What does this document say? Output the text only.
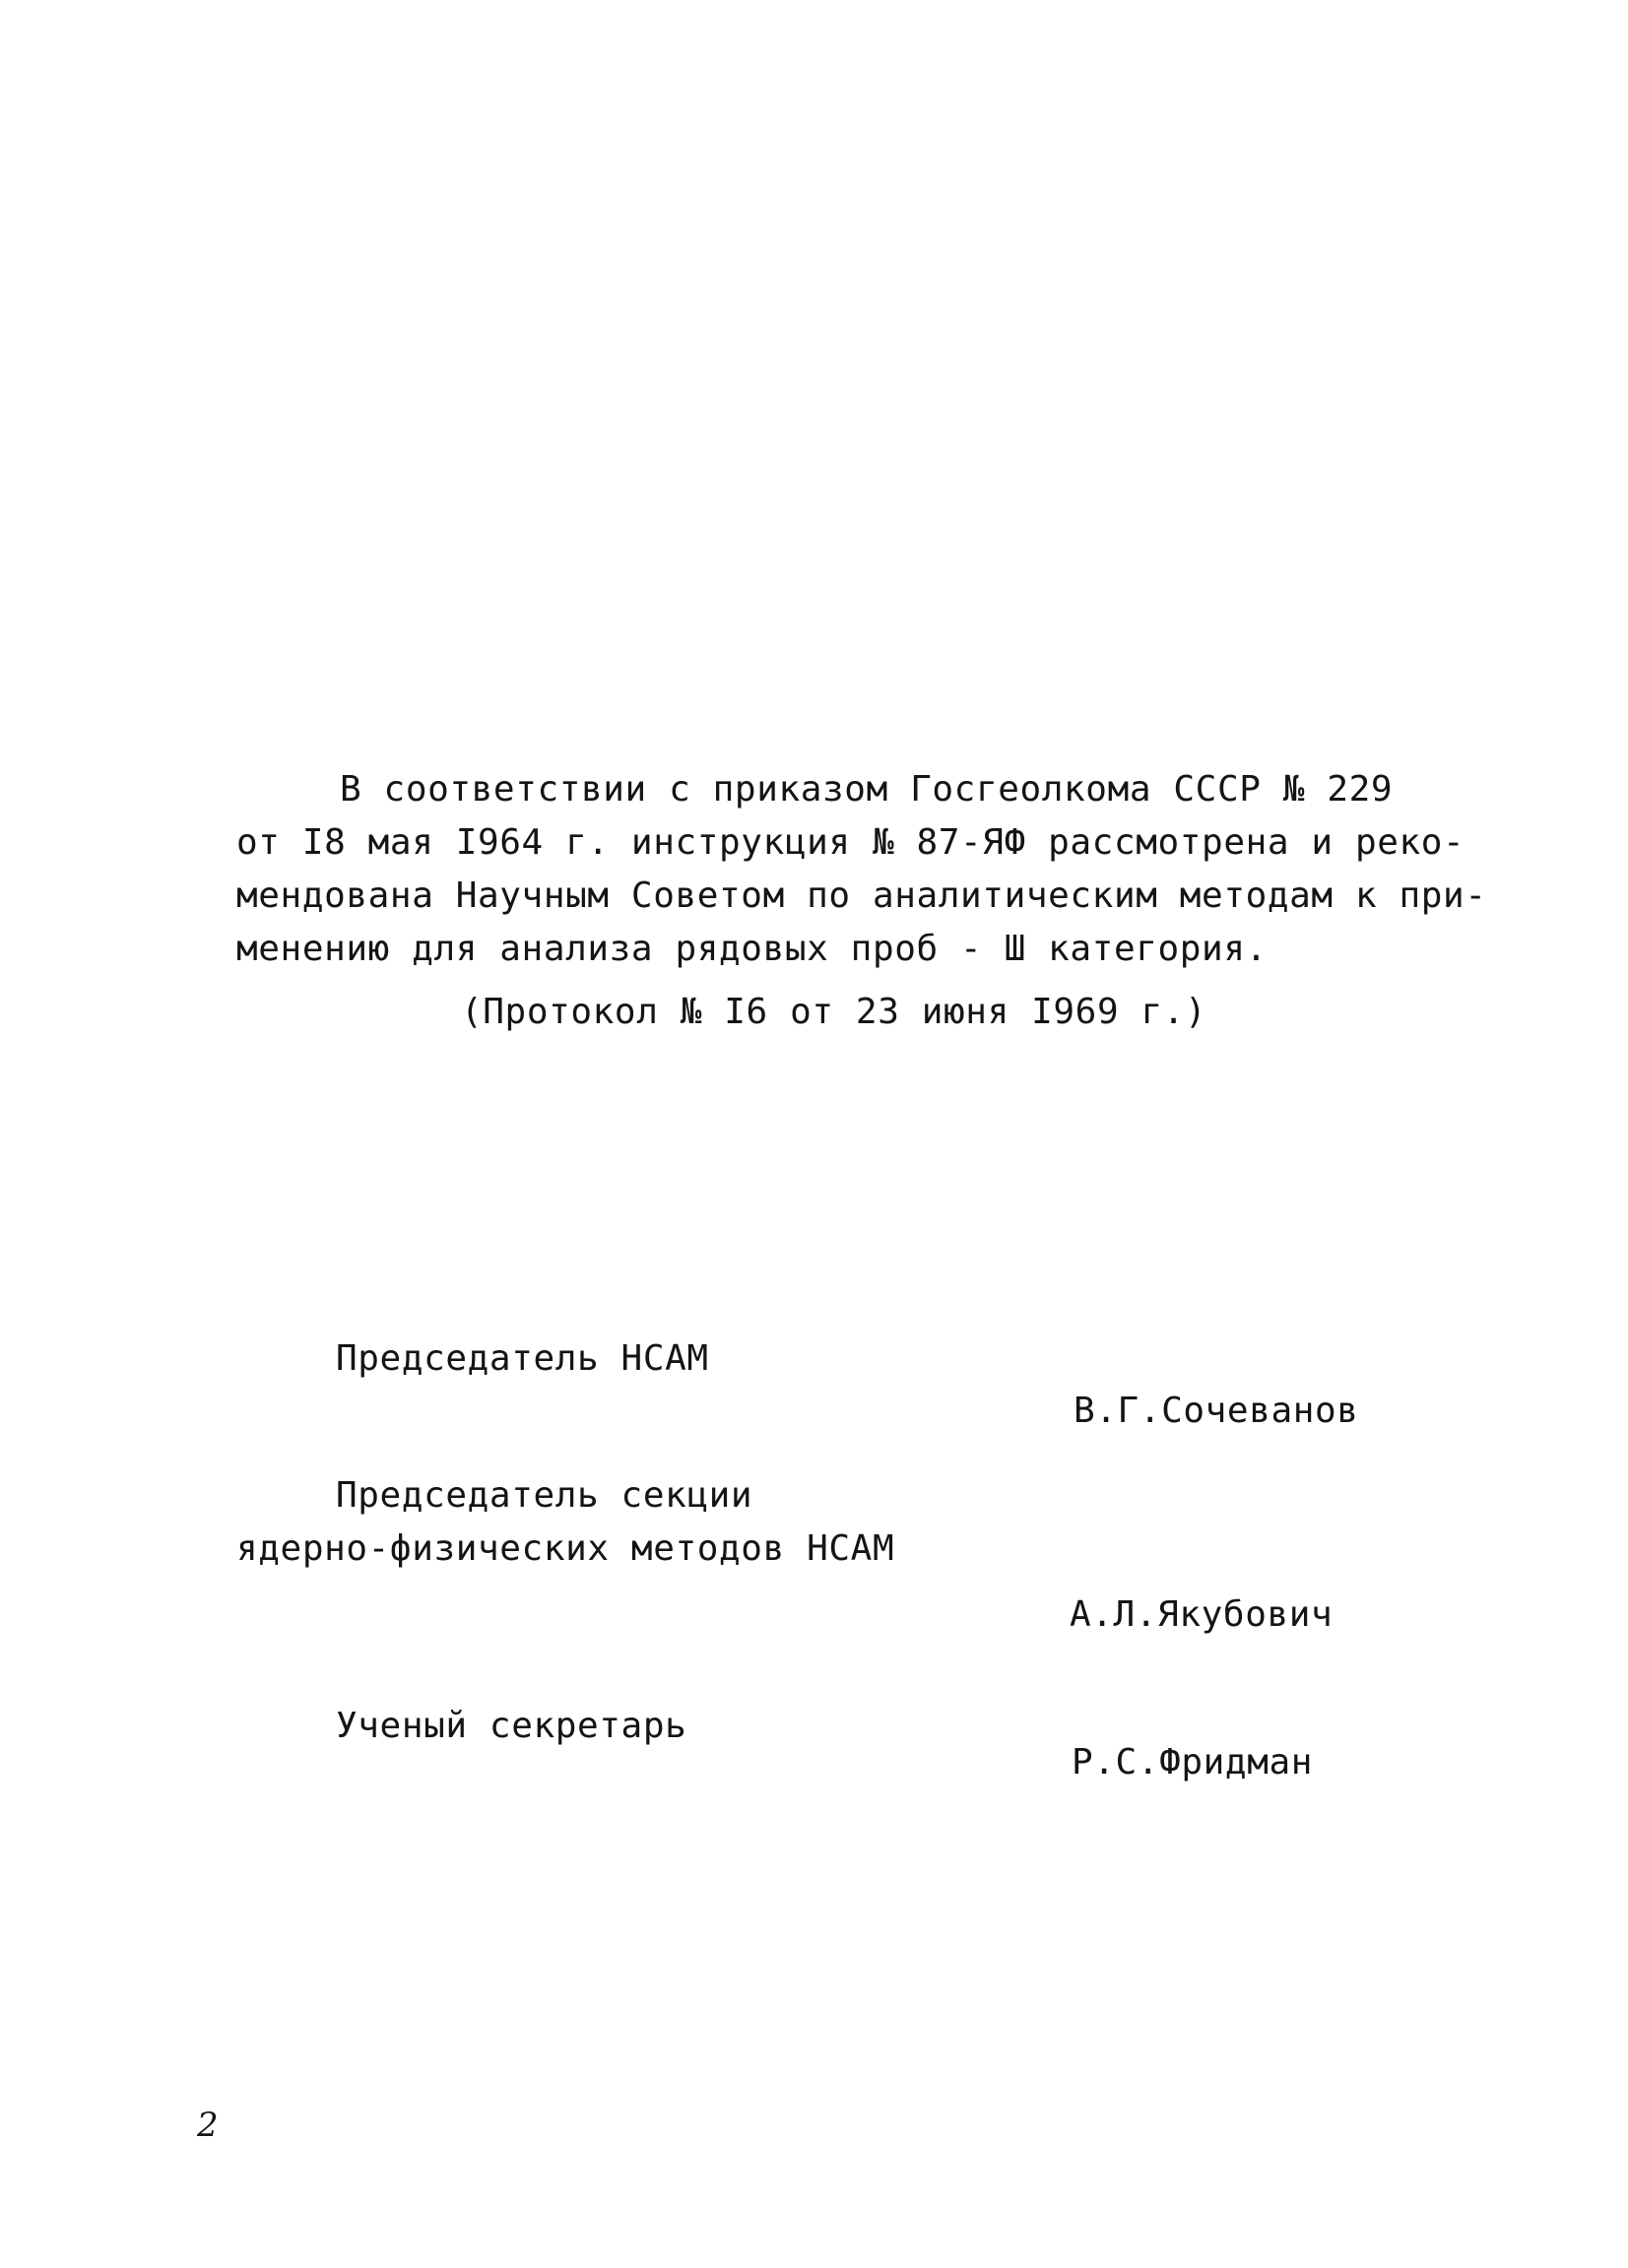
В соответствии с приказом Госгеолкома СССР № 229
от I8 мая I964 г. инструкция № 87-ЯФ рассмотрена и реко-
мендована Научным Советом по аналитическим методам к при-
менению для анализа рядовых проб - Ш категория.
(Протокол № I6 от 23 июня I969 г.)
Председатель НСАМ
В.Г.Сочеванов
Председатель секции
ядерно-физических методов НСАМ
А.Л.Якубович
Ученый секретарь
Р.С.Фридман
2
